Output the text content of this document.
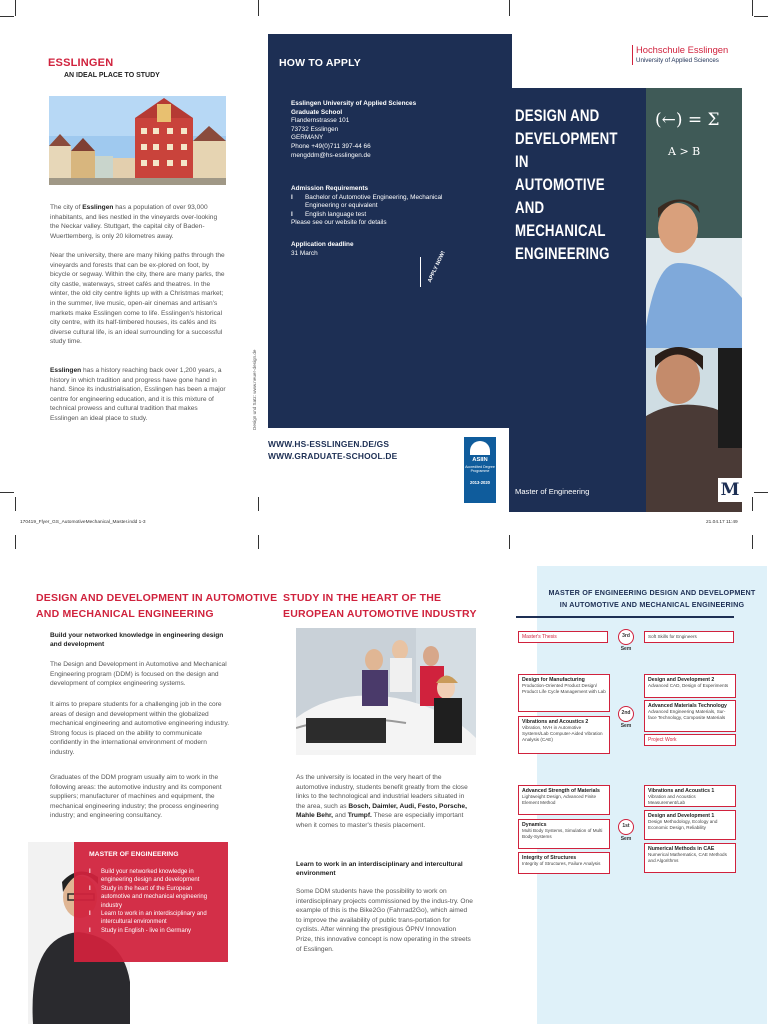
170419_Flyer_GS_AutomotiveMechanical_Master.indd 1-3	21.04.17 11:49
ESSLINGEN
AN IDEAL PLACE TO STUDY
The city of Esslingen has a population of over 93,000 inhabitants, and lies nestled in the vineyards over-looking the Neckar valley. Stuttgart, the capital city of Baden-Wuerttemberg, is only 20 kilometres away.
Near the university, there are many hiking paths through the vineyards and forests that can be ex-plored on foot, by bicycle or segway. Within the city, there are many parks, the city castle, waterways, street cafés and theatres. In the winter, the old city centre lights up with a Christmas market; in the summer, live music, open-air cinemas and artisan's markets make Esslingen come to life. Esslingen's historical city centre, with its half-timbered houses, its cafés and its diverse cultural life, is an ideal surrounding for a successful study time.
Esslingen has a history reaching back over 1,200 years, a history in which tradition and progress have gone hand in hand. Since its industrialisation, Esslingen has been a major centre for engineering education, and it is this mixture of technical prowess and cultural tradition that makes Esslingen an ideal place to study.	Design und Satz: www.neuer-design.de
HOW TO APPLY
Esslingen University of Applied Sciences
Graduate School
Flandernstrasse 101
73732 Esslingen
GERMANY
Phone +49(0)711 397-44 66
mengddm@hs-esslingen.de
Admission Requirements
I	Bachelor of Automotive Engineering, Mechanical Engineering or equivalent
I	English language test
Please see our website for details
Application deadline
31 March	APPLY NOW!
WWW.HS-ESSLINGEN.DE/GS
WWW.GRADUATE-SCHOOL.DE	ASIIN
Accredited Degree Programme
2013-2020
Hochschule Esslingen
University of Applied Sciences
(←) = Σ
A > B
DESIGN AND
DEVELOPMENT
IN AUTOMOTIVE
AND
MECHANICAL
ENGINEERING
Master of Engineering	M
DESIGN AND DEVELOPMENT IN AUTOMOTIVE
AND MECHANICAL ENGINEERING
Build your networked knowledge in engineering design and development
The Design and Development in Automotive and Mechanical Engineering program (DDM) is focused on the design and development of complex engineering systems.
It aims to prepare students for a challenging job in the core areas of design and development within the globalized mechanical engineering and automotive engineering industry. Strong focus is placed on the ability to communicate confidently in the international environment of modern industry.
Graduates of the DDM program usually aim to work in the following areas: the automotive industry and its component suppliers; manufacturer of machines and equipment, the mechanical engineering industry; the process engineering industry; and engineering consultancy.
MASTER OF ENGINEERING
I	Build your networked knowledge in engineering design and development
I	Study in the heart of the European automotive and mechanical engineering industry
I	Learn to work in an interdisciplinary and intercultural environment
I	Study in English - live in Germany
STUDY IN THE HEART OF THE
EUROPEAN AUTOMOTIVE INDUSTRY
As the university is located in the very heart of the automotive industry, students benefit greatly from the close links to the technological and industrial leaders situated in the area, such as Bosch, Daimler, Audi, Festo, Porsche, Mahle Behr, and Trumpf. These are especially important when it comes to master's thesis placement.
Learn to work in an interdisciplinary and intercultural environment
Some DDM students have the possibility to work on interdisciplinary projects commissioned by the indus-try. One example of this is the Bike2Go (Fahrrad2Go), which aimed to improve the availability of public trans-portation for cyclists. After winning the prestigious ÖPNV Innovation Prize, this innovative concept is now operating in the streets of Esslingen.
MASTER OF ENGINEERING DESIGN AND DEVELOPMENT
IN AUTOMOTIVE AND MECHANICAL ENGINEERING
Master's Thesis	3rd Sem
Soft Skills for Engineers
Design for Manufacturing
Production-Oriented Product Design/ Product Life Cycle Management with Lab
Vibrations and Acoustics 2
Vibration, NVH in Automotive Systems/Lab Computer-Aided Vibration Analysis (CAE)
2nd Sem
Design and Development 2
Advanced CAD, Design of Experiments
Advanced Materials Technology
Advanced Engineering Materials, Sur-face Technology, Composite Materials
Project Work
Advanced Strength of Materials
Lightweight Design, Advanced Finite Element Method
Dynamics
Multi Body Systems, Simulation of Multi Body-Systems
Integrity of Structures
Integrity of Structures, Failure Analysis
1st Sem
Vibrations and Acoustics 1
Vibration and Acoustics Measurement/Lab
Design and Development 1
Design Methodology, Ecology and Economic Design, Reliability
Numerical Methods in CAE
Numerical Mathematics, CAE Methods and Algorithms
